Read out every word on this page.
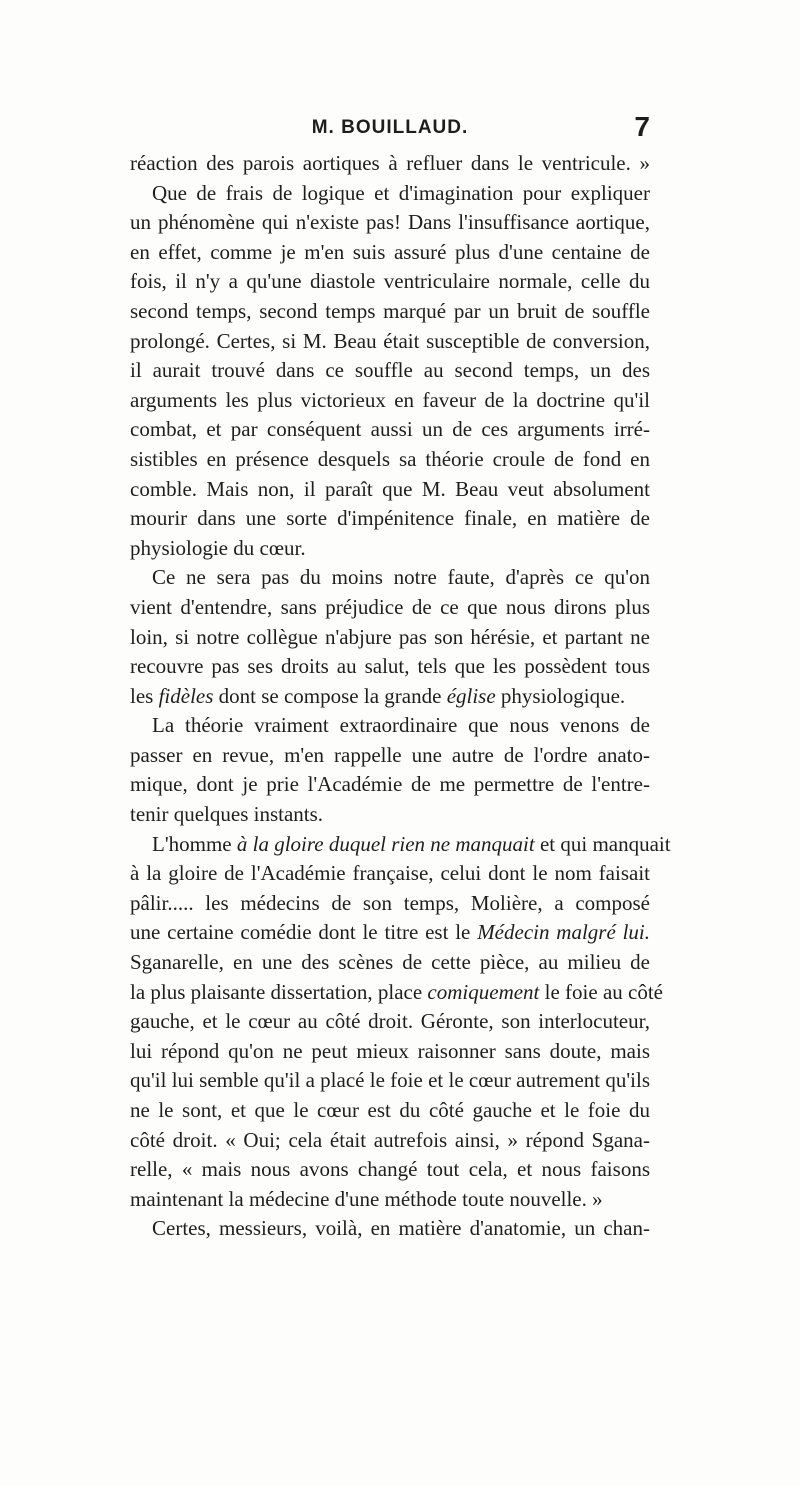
M. BOUILLAUD.	7
réaction des parois aortiques à refluer dans le ventricule. »
Que de frais de logique et d'imagination pour expliquer
un phénomène qui n'existe pas! Dans l'insuffisance aortique,
en effet, comme je m'en suis assuré plus d'une centaine de
fois, il n'y a qu'une diastole ventriculaire normale, celle du
second temps, second temps marqué par un bruit de souffle
prolongé. Certes, si M. Beau était susceptible de conversion,
il aurait trouvé dans ce souffle au second temps, un des
arguments les plus victorieux en faveur de la doctrine qu'il
combat, et par conséquent aussi un de ces arguments irré-
sistibles en présence desquels sa théorie croule de fond en
comble. Mais non, il paraît que M. Beau veut absolument
mourir dans une sorte d'impénitence finale, en matière de
physiologie du cœur.
Ce ne sera pas du moins notre faute, d'après ce qu'on
vient d'entendre, sans préjudice de ce que nous dirons plus
loin, si notre collègue n'abjure pas son hérésie, et partant ne
recouvre pas ses droits au salut, tels que les possèdent tous
les fidèles dont se compose la grande église physiologique.
La théorie vraiment extraordinaire que nous venons de
passer en revue, m'en rappelle une autre de l'ordre anato-
mique, dont je prie l'Académie de me permettre de l'entre-
tenir quelques instants.
L'homme à la gloire duquel rien ne manquait et qui manquait
à la gloire de l'Académie française, celui dont le nom faisait
pâlir..... les médecins de son temps, Molière, a composé
une certaine comédie dont le titre est le Médecin malgré lui.
Sganarelle, en une des scènes de cette pièce, au milieu de
la plus plaisante dissertation, place comiquement le foie au côté
gauche, et le cœur au côté droit. Géronte, son interlocuteur,
lui répond qu'on ne peut mieux raisonner sans doute, mais
qu'il lui semble qu'il a placé le foie et le cœur autrement qu'ils
ne le sont, et que le cœur est du côté gauche et le foie du
côté droit. « Oui; cela était autrefois ainsi, » répond Sgana-
relle, « mais nous avons changé tout cela, et nous faisons
maintenant la médecine d'une méthode toute nouvelle. »
Certes, messieurs, voilà, en matière d'anatomie, un chan-
